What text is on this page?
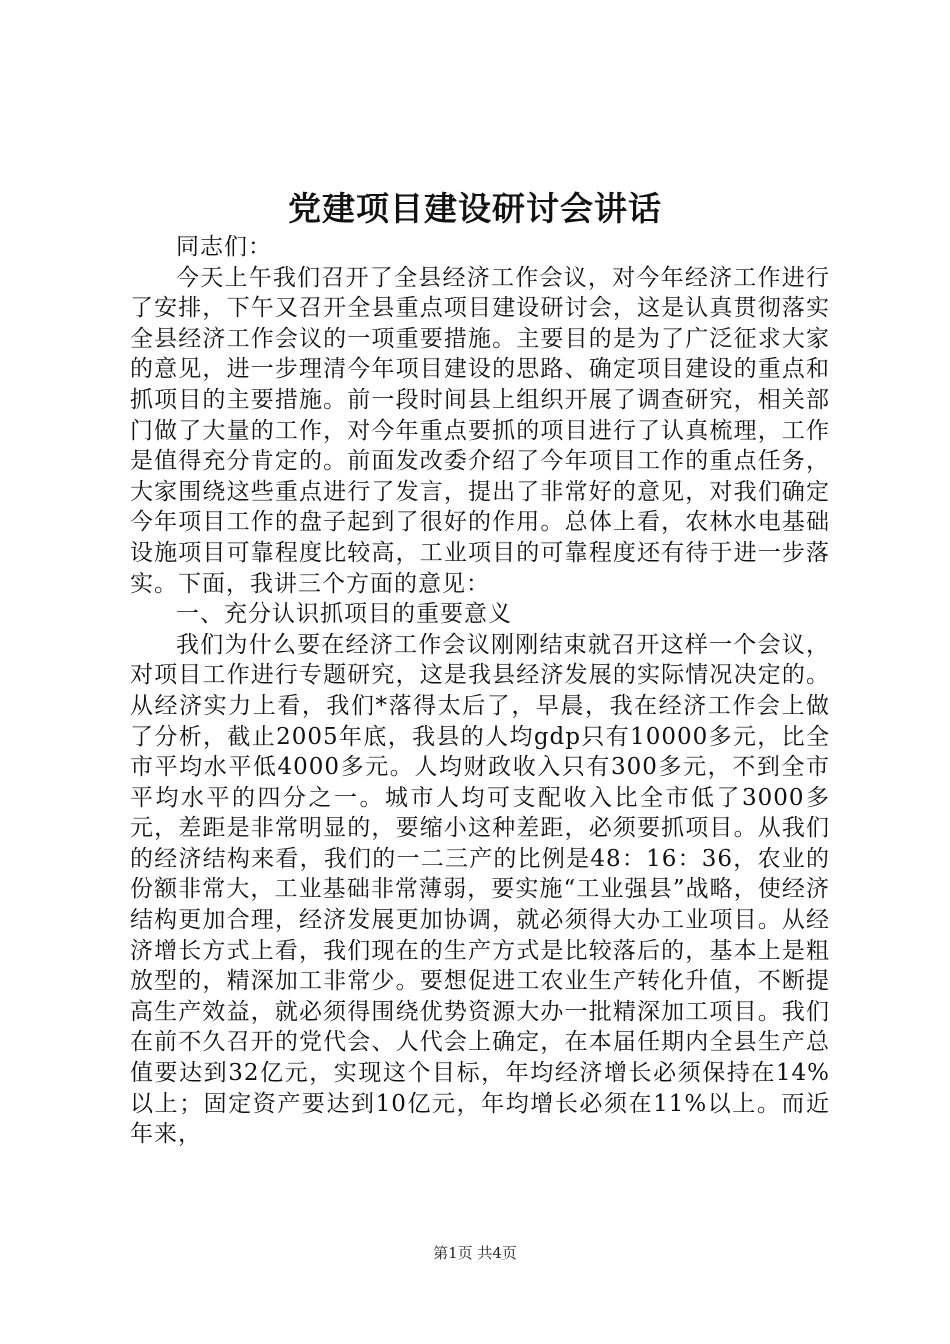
党建项目建设研讨会讲话

同志们：

今天上午我们召开了全县经济工作会议，对今年经济工作进行了安排，下午又召开全县重点项目建设研讨会，这是认真贯彻落实全县经济工作会议的一项重要措施。主要目的是为了广泛征求大家的意见，进一步理清今年项目建设的思路、确定项目建设的重点和抓项目的主要措施。前一段时间县上组织开展了调查研究，相关部门做了大量的工作，对今年重点要抓的项目进行了认真梳理，工作是值得充分肯定的。前面发改委介绍了今年项目工作的重点任务，大家围绕这些重点进行了发言，提出了非常好的意见，对我们确定今年项目工作的盘子起到了很好的作用。总体上看，农林水电基础设施项目可靠程度比较高，工业项目的可靠程度还有待于进一步落实。下面，我讲三个方面的意见：

一、充分认识抓项目的重要意义

我们为什么要在经济工作会议刚刚结束就召开这样一个会议，对项目工作进行专题研究，这是我县经济发展的实际情况决定的。从经济实力上看，我们*落得太后了，早晨，我在经济工作会上做了分析，截止2005年底，我县的人均gdp只有10000多元，比全市平均水平低4000多元。人均财政收入只有300多元，不到全市平均水平的四分之一。城市人均可支配收入比全市低了3000多元，差距是非常明显的，要缩小这种差距，必须要抓项目。从我们的经济结构来看，我们的一二三产的比例是48：16：36，农业的份额非常大，工业基础非常薄弱，要实施“工业强县”战略，使经济结构更加合理，经济发展更加协调，就必须得大办工业项目。从经济增长方式上看，我们现在的生产方式是比较落后的，基本上是粗放型的，精深加工非常少。要想促进工农业生产转化升值，不断提高生产效益，就必须得围绕优势资源大办一批精深加工项目。我们在前不久召开的党代会、人代会上确定，在本届任期内全县生产总值要达到32亿元，实现这个目标，年均经济增长必须保持在14%以上；固定资产要达到10亿元，年均增长必须在11%以上。而近年来，

第1页 共4页
